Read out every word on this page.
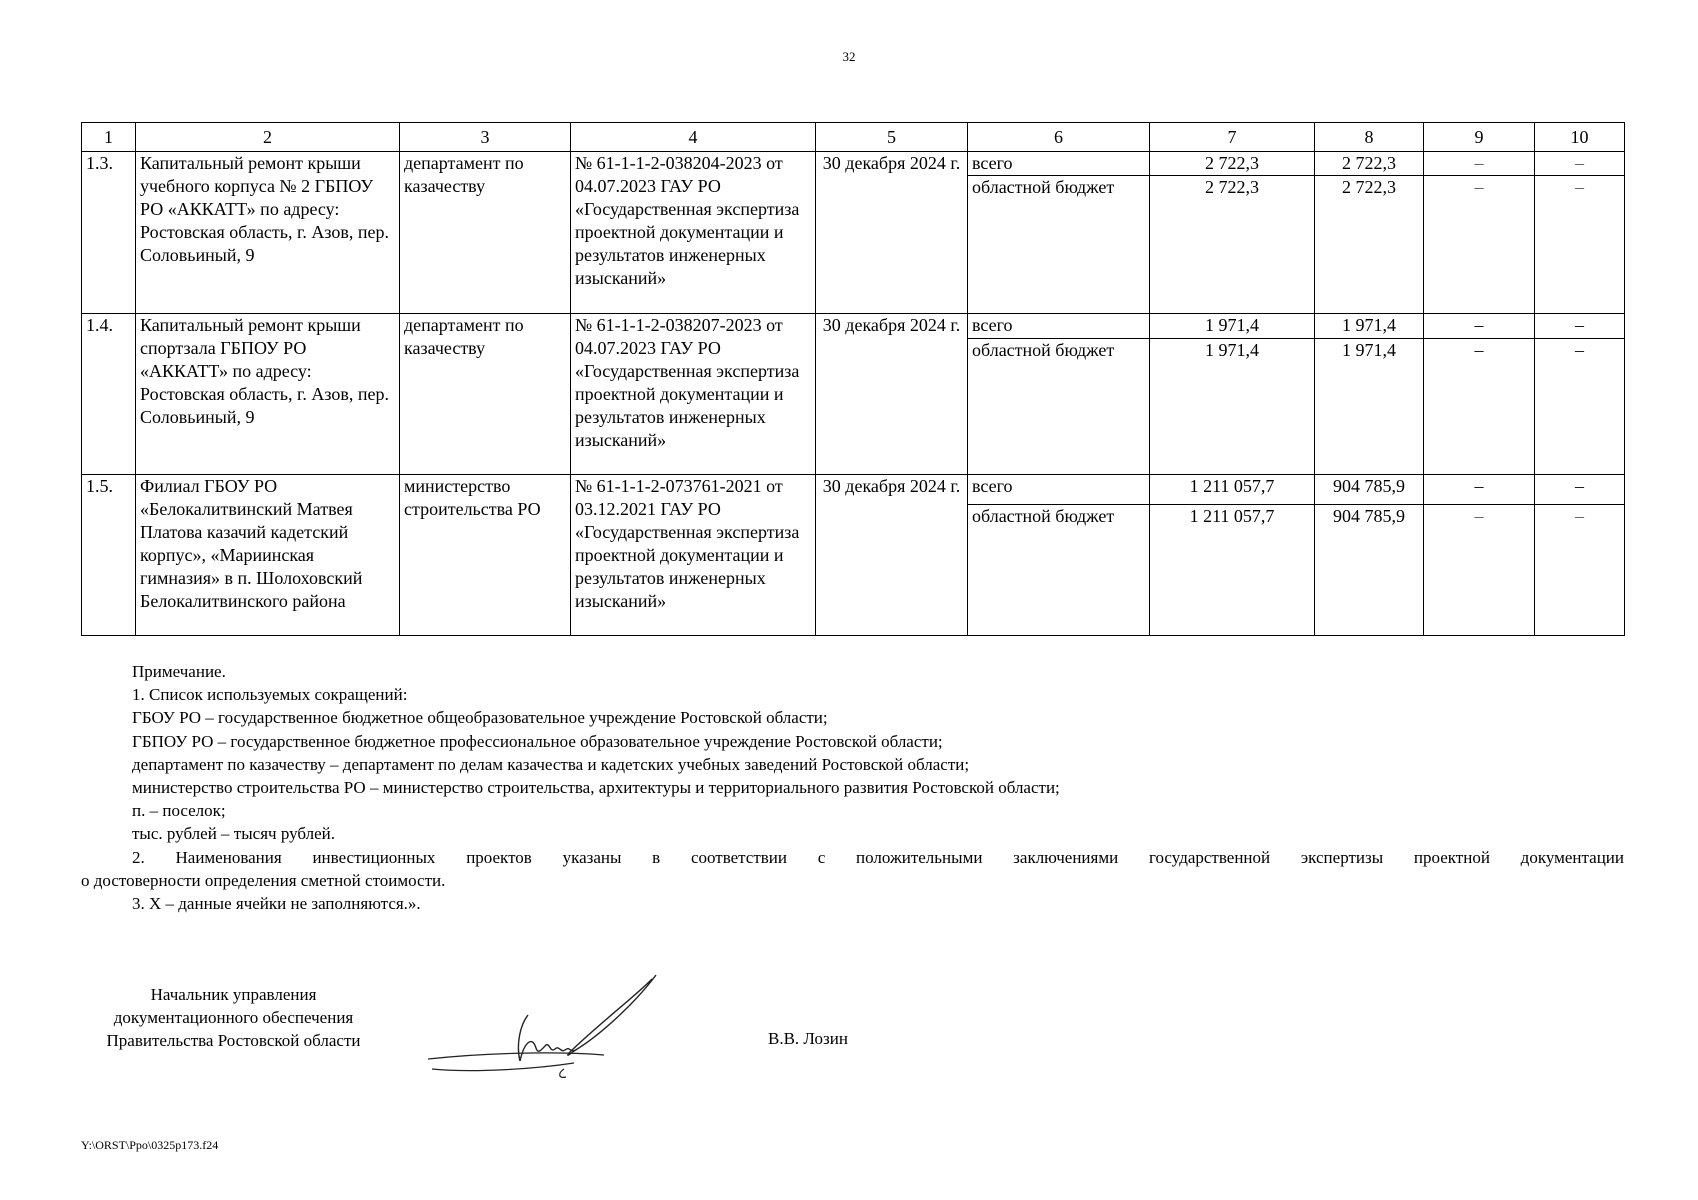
32
1	2	3	4	5	6	7	8	9	10
1.3.	Капитальный ремонт крыши учебного корпуса № 2 ГБПОУ РО «АККАТТ» по адресу: Ростовская область, г. Азов, пер. Соловьиный, 9	департамент по казачеству	№ 61-1-1-2-038204-2023 от 04.07.2023 ГАУ РО «Государственная экспертиза проектной документации и результатов инженерных изысканий»	30 декабря 2024 г.	всего	2 722,3	2 722,3	–	–
					областной бюджет	2 722,3	2 722,3	–	–
1.4.	Капитальный ремонт крыши спортзала ГБПОУ РО «АККАТТ» по адресу: Ростовская область, г. Азов, пер. Соловьиный, 9	департамент по казачеству	№ 61-1-1-2-038207-2023 от 04.07.2023 ГАУ РО «Государственная экспертиза проектной документации и результатов инженерных изысканий»	30 декабря 2024 г.	всего	1 971,4	1 971,4	–	–
					областной бюджет	1 971,4	1 971,4	–	–
1.5.	Филиал ГБОУ РО «Белокалитвинский Матвея Платова казачий кадетский корпус», «Мариинская гимназия» в п. Шолоховский Белокалитвинского района	министерство строительства РО	№ 61-1-1-2-073761-2021 от 03.12.2021 ГАУ РО «Государственная экспертиза проектной документации и результатов инженерных изысканий»	30 декабря 2024 г.	всего	1 211 057,7	904 785,9	–	–
					областной бюджет	1 211 057,7	904 785,9	–	–
Примечание.
1. Список используемых сокращений:
ГБОУ РО – государственное бюджетное общеобразовательное учреждение Ростовской области;
ГБПОУ РО – государственное бюджетное профессиональное образовательное учреждение Ростовской области;
департамент по казачеству – департамент по делам казачества и кадетских учебных заведений Ростовской области;
министерство строительства РО – министерство строительства, архитектуры и территориального развития Ростовской области;
п. – поселок;
тыс. рублей – тысяч рублей.
2. Наименования инвестиционных проектов указаны в соответствии с положительными заключениями государственной экспертизы проектной документации
о достоверности определения сметной стоимости.
3. Х – данные ячейки не заполняются.».
Начальник управления
документационного обеспечения
Правительства Ростовской области	В.В. Лозин
Y:\ORST\Ppo\0325p173.f24
